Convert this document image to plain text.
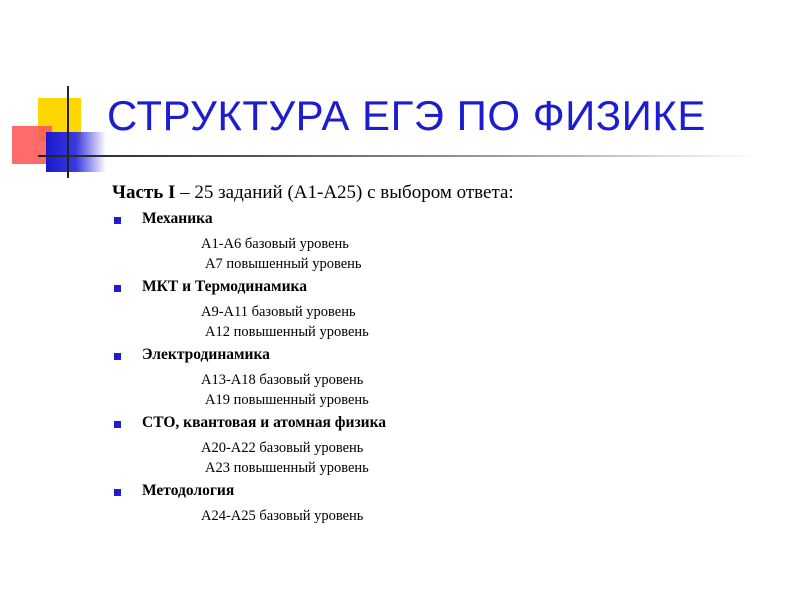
СТРУКТУРА ЕГЭ ПО ФИЗИКЕ

Часть I – 25 заданий (А1-А25) с выбором ответа:

Механика
А1-А6 базовый уровень
А7 повышенный уровень
МКТ и Термодинамика
А9-А11 базовый уровень
А12 повышенный уровень
Электродинамика
А13-А18 базовый уровень
А19 повышенный уровень
СТО, квантовая и атомная физика
А20-А22 базовый уровень
А23 повышенный уровень
Методология
А24-А25 базовый уровень
